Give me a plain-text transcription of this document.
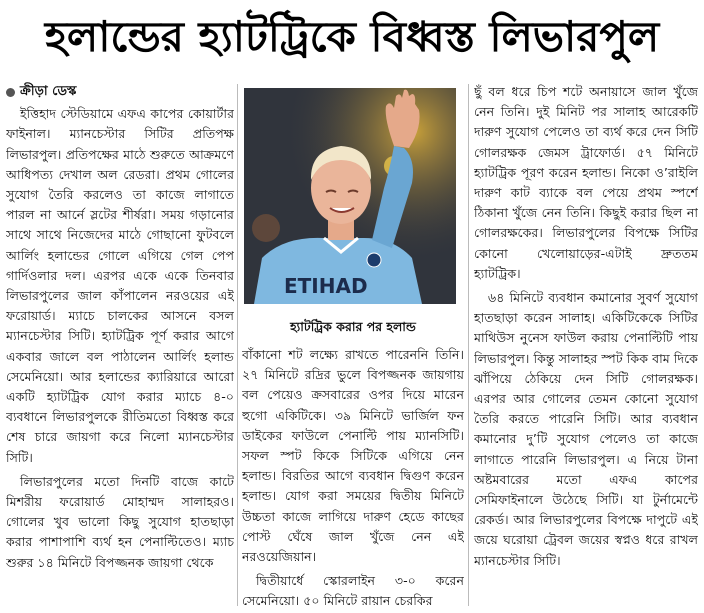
হলান্ডের হ্যাটট্রিকে বিধ্বস্ত লিভারপুল
ক্রীড়া ডেস্ক

ইত্তিহাদ স্টেডিয়ামে এফএ কাপের কোয়ার্টার ফাইনাল। ম্যানচেস্টার সিটির প্রতিপক্ষ লিভারপুল। প্রতিপক্ষের মাঠে শুরুতে আক্রমণে আধিপত্য দেখাল অল রেডরা। প্রথম গোলের সুযোগ তৈরি করলেও তা কাজে লাগাতে পারল না আর্নে স্লটের শীর্ষরা। সময় গড়ানোর সাথে সাথে নিজেদের মাঠে গোছানো ফুটবলে আর্লিং হলান্ডের গোলে এগিয়ে গেল পেপ গার্দিওলার দল। এরপর একে একে তিনবার লিভারপুলের জাল কাঁপালেন নরওয়ের এই ফরোয়ার্ড। ম্যাচে চালকের আসনে বসল ম্যানচেস্টার সিটি। হ্যাটট্রিক পূর্ণ করার আগে একবার জালে বল পাঠালেন আর্লিং হলান্ড সেমেনিয়ো। আর হলান্ডের ক্যারিয়ারে আরো একটি হ্যাটট্রিক যোগ করার ম্যাচে ৪-০ ব্যবধানে লিভারপুলকে রীতিমতো বিধ্বস্ত করে শেষ চারে জায়গা করে নিলো ম্যানচেস্টার সিটি।

লিভারপুলের মতো দিনটি বাজে কাটে মিশরীয় ফরোয়ার্ড মোহাম্মদ সালাহরও। গোলের খুব ভালো কিছু সুযোগ হাতছাড়া করার পাশাপাশি ব্যর্থ হন পেনাল্টিতেও। ম্যাচ শুরুর ১৪ মিনিটে বিপজ্জনক জায়গা থেকে

ETIHAD
হ্যাটট্রিক করার পর হলান্ড

বাঁকানো শট লক্ষ্যে রাখতে পারেননি তিনি। ২৭ মিনিটে রদ্রির ভুলে বিপজ্জনক জায়গায় বল পেয়েও ক্রসবারের ওপর দিয়ে মারেন হুগো একিটিকে। ৩৯ মিনিটে ভার্জিল ফন ডাইকের ফাউলে পেনাল্টি পায় ম্যানসিটি। সফল স্পট কিকে সিটিকে এগিয়ে নেন হলান্ড। বিরতির আগে ব্যবধান দ্বিগুণ করেন হলান্ড। যোগ করা সময়ের দ্বিতীয় মিনিটে উচ্চতা কাজে লাগিয়ে দারুণ হেডে কাছের পোস্ট ঘেঁষে জাল খুঁজে নেন এই নরওয়েজিয়ান।

দ্বিতীয়ার্ধে স্কোরলাইন ৩-০ করেন সেমেনিয়ো। ৫০ মিনিটে রায়ান চেরকির

ছুঁ বল ধরে চিপ শটে অনায়াসে জাল খুঁজে নেন তিনি। দুই মিনিট পর সালাহ আরেকটি দারুণ সুযোগ পেলেও তা ব্যর্থ করে দেন সিটি গোলরক্ষক জেমস ট্রাফোর্ড। ৫৭ মিনিটে হ্যাটট্রিক পূরণ করেন হলান্ড। নিকো ও’রাইলি দারুণ কাট ব্যাকে বল পেয়ে প্রথম স্পর্শে ঠিকানা খুঁজে নেন তিনি। কিছুই করার ছিল না গোলরক্ষকের। লিভারপুলের বিপক্ষে সিটির কোনো খেলোয়াড়ের-এটাই দ্রুততম হ্যাটট্রিক।

৬৪ মিনিটে ব্যবধান কমানোর সুবর্ণ সুযোগ হাতছাড়া করেন সালাহ। একিটিকেকে সিটির মাথিউস নুনেস ফাউল করায় পেনাল্টিটি পায় লিভারপুল। কিন্তু সালাহর স্পট কিক বাম দিকে ঝাঁপিয়ে ঠেকিয়ে দেন সিটি গোলরক্ষক। এরপর আর গোলের তেমন কোনো সুযোগ তৈরি করতে পারেনি সিটি। আর ব্যবধান কমানোর দু’টি সুযোগ পেলেও তা কাজে লাগাতে পারেনি লিভারপুল। এ নিয়ে টানা অষ্টমবারের মতো এফএ কাপের সেমিফাইনালে উঠেছে সিটি। যা টুর্নামেন্টে রেকর্ড। আর লিভারপুলের বিপক্ষে দাপুটে এই জয়ে ঘরোয়া ট্রেবল জয়ের স্বপ্নও ধরে রাখল ম্যানচেস্টার সিটি।
